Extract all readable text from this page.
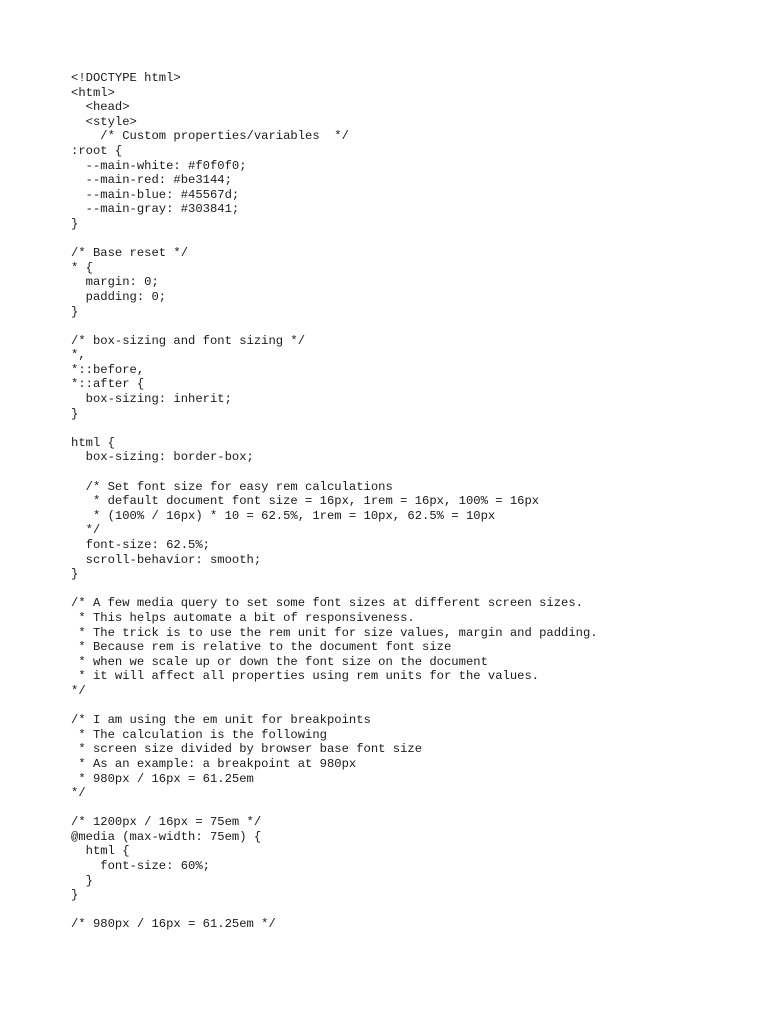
<!DOCTYPE html>
<html>
<head>
<style>
/* Custom properties/variables  */
:root {
--main-white: #f0f0f0;
--main-red: #be3144;
--main-blue: #45567d;
--main-gray: #303841;
}
/* Base reset */
* {
margin: 0;
padding: 0;
}
/* box-sizing and font sizing */
*,
*::before,
*::after {
box-sizing: inherit;
}
html {
box-sizing: border-box;
/* Set font size for easy rem calculations
* default document font size = 16px, 1rem = 16px, 100% = 16px
* (100% / 16px) * 10 = 62.5%, 1rem = 10px, 62.5% = 10px
*/
font-size: 62.5%;
scroll-behavior: smooth;
}
/* A few media query to set some font sizes at different screen sizes.
* This helps automate a bit of responsiveness.
* The trick is to use the rem unit for size values, margin and padding.
* Because rem is relative to the document font size
* when we scale up or down the font size on the document
* it will affect all properties using rem units for the values.
*/
/* I am using the em unit for breakpoints
* The calculation is the following
* screen size divided by browser base font size
* As an example: a breakpoint at 980px
* 980px / 16px = 61.25em
*/
/* 1200px / 16px = 75em */
@media (max-width: 75em) {
html {
font-size: 60%;
}
}
/* 980px / 16px = 61.25em */
